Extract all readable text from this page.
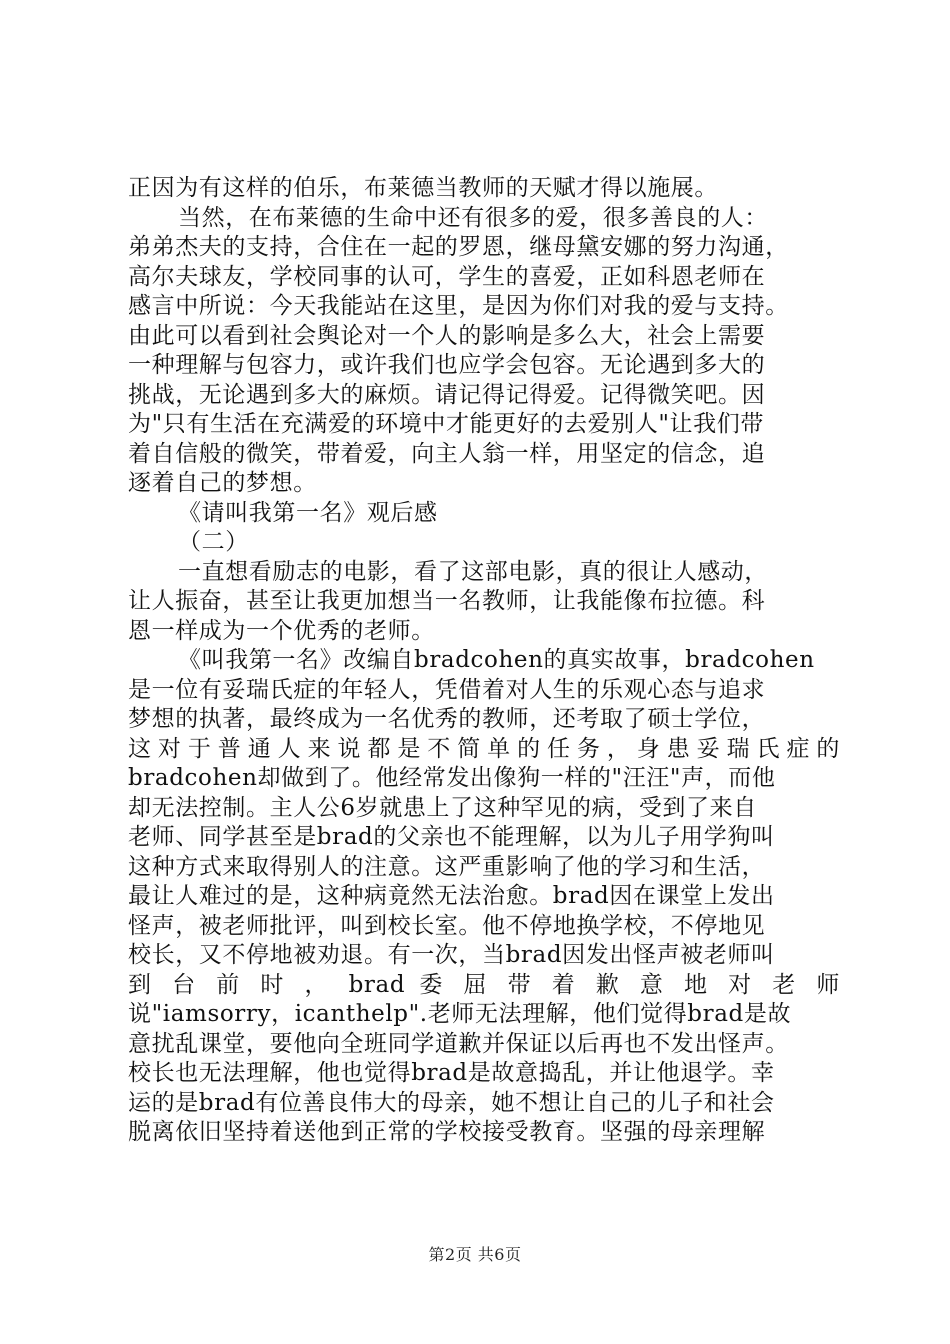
正因为有这样的伯乐，布莱德当教师的天赋才得以施展。
当然，在布莱德的生命中还有很多的爱，很多善良的人：
弟弟杰夫的支持，合住在一起的罗恩，继母黛安娜的努力沟通，
高尔夫球友，学校同事的认可，学生的喜爱，正如科恩老师在
感言中所说：今天我能站在这里，是因为你们对我的爱与支持。
由此可以看到社会舆论对一个人的影响是多么大，社会上需要
一种理解与包容力，或许我们也应学会包容。无论遇到多大的
挑战，无论遇到多大的麻烦。请记得记得爱。记得微笑吧。因
为"只有生活在充满爱的环境中才能更好的去爱别人"让我们带
着自信般的微笑，带着爱，向主人翁一样，用坚定的信念，追
逐着自己的梦想。
《请叫我第一名》观后感
（二）
一直想看励志的电影，看了这部电影，真的很让人感动，
让人振奋，甚至让我更加想当一名教师，让我能像布拉德。科
恩一样成为一个优秀的老师。
《叫我第一名》改编自bradcohen的真实故事，bradcohen
是一位有妥瑞氏症的年轻人，凭借着对人生的乐观心态与追求
梦想的执著，最终成为一名优秀的教师，还考取了硕士学位，
这对于普通人来说都是不简单的任务，身患妥瑞氏症的
bradcohen却做到了。他经常发出像狗一样的"汪汪"声，而他
却无法控制。主人公6岁就患上了这种罕见的病，受到了来自
老师、同学甚至是brad的父亲也不能理解，以为儿子用学狗叫
这种方式来取得别人的注意。这严重影响了他的学习和生活，
最让人难过的是，这种病竟然无法治愈。brad因在课堂上发出
怪声，被老师批评，叫到校长室。他不停地换学校，不停地见
校长，又不停地被劝退。有一次，当brad因发出怪声被老师叫
到 台 前 时 ， brad 委 屈 带 着 歉 意 地 对 老 师
说"iamsorry，icanthelp".老师无法理解，他们觉得brad是故
意扰乱课堂，要他向全班同学道歉并保证以后再也不发出怪声。
校长也无法理解，他也觉得brad是故意捣乱，并让他退学。幸
运的是brad有位善良伟大的母亲，她不想让自己的儿子和社会
脱离依旧坚持着送他到正常的学校接受教育。坚强的母亲理解
第2页 共6页
